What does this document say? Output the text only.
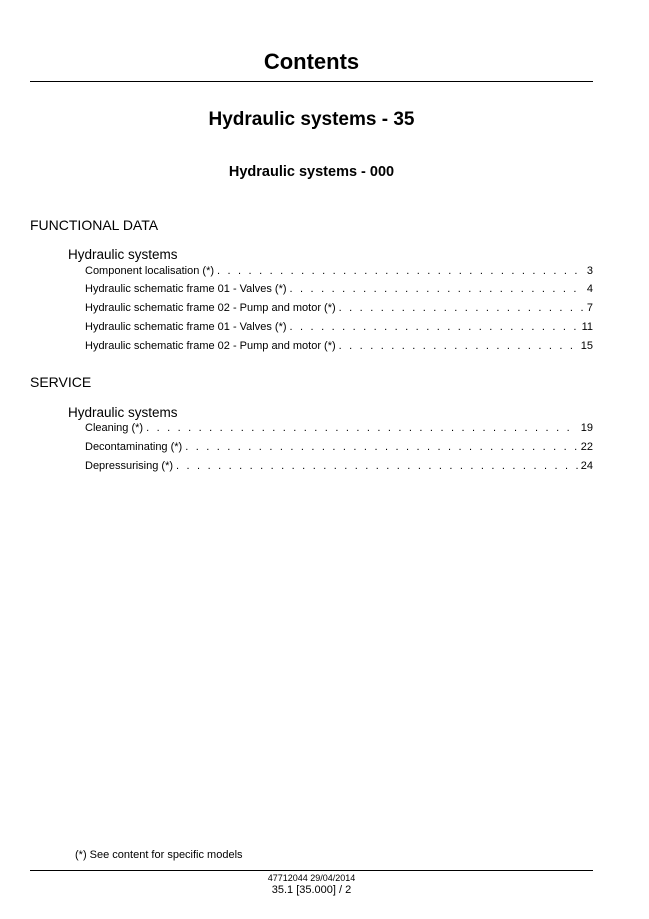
Contents
Hydraulic systems - 35
Hydraulic systems - 000
FUNCTIONAL DATA
Hydraulic systems
Component localisation (*) . . .	3
Hydraulic schematic frame 01 - Valves (*) . . .	4
Hydraulic schematic frame 02 - Pump and motor (*) . . .	7
Hydraulic schematic frame 01 - Valves (*) . . .	11
Hydraulic schematic frame 02 - Pump and motor (*) . . .	15
SERVICE
Hydraulic systems
Cleaning (*) . . .	19
Decontaminating (*) . . .	22
Depressurising (*) . . .	24
(*) See content for specific models
47712044 29/04/2014
35.1 [35.000] / 2
